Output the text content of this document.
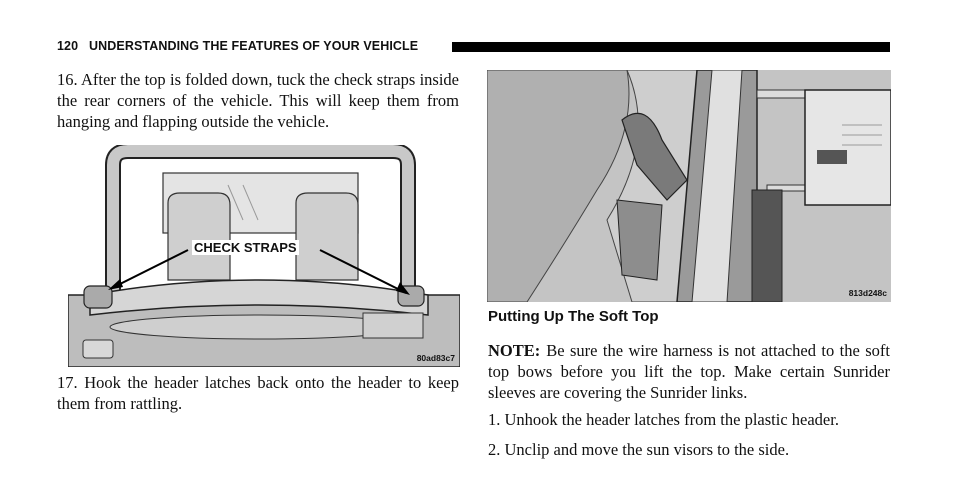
120 UNDERSTANDING THE FEATURES OF YOUR VEHICLE

16. After the top is folded down, tuck the check straps inside the rear corners of the vehicle. This will keep them from hanging and flapping outside the vehicle.

CHECK STRAPS
80ad83c7

17. Hook the header latches back onto the header to keep them from rattling.

813d248c
Putting Up The Soft Top

NOTE: Be sure the wire harness is not attached to the soft top bows before you lift the top. Make certain Sunrider sleeves are covering the Sunrider links.

1. Unhook the header latches from the plastic header.

2. Unclip and move the sun visors to the side.
